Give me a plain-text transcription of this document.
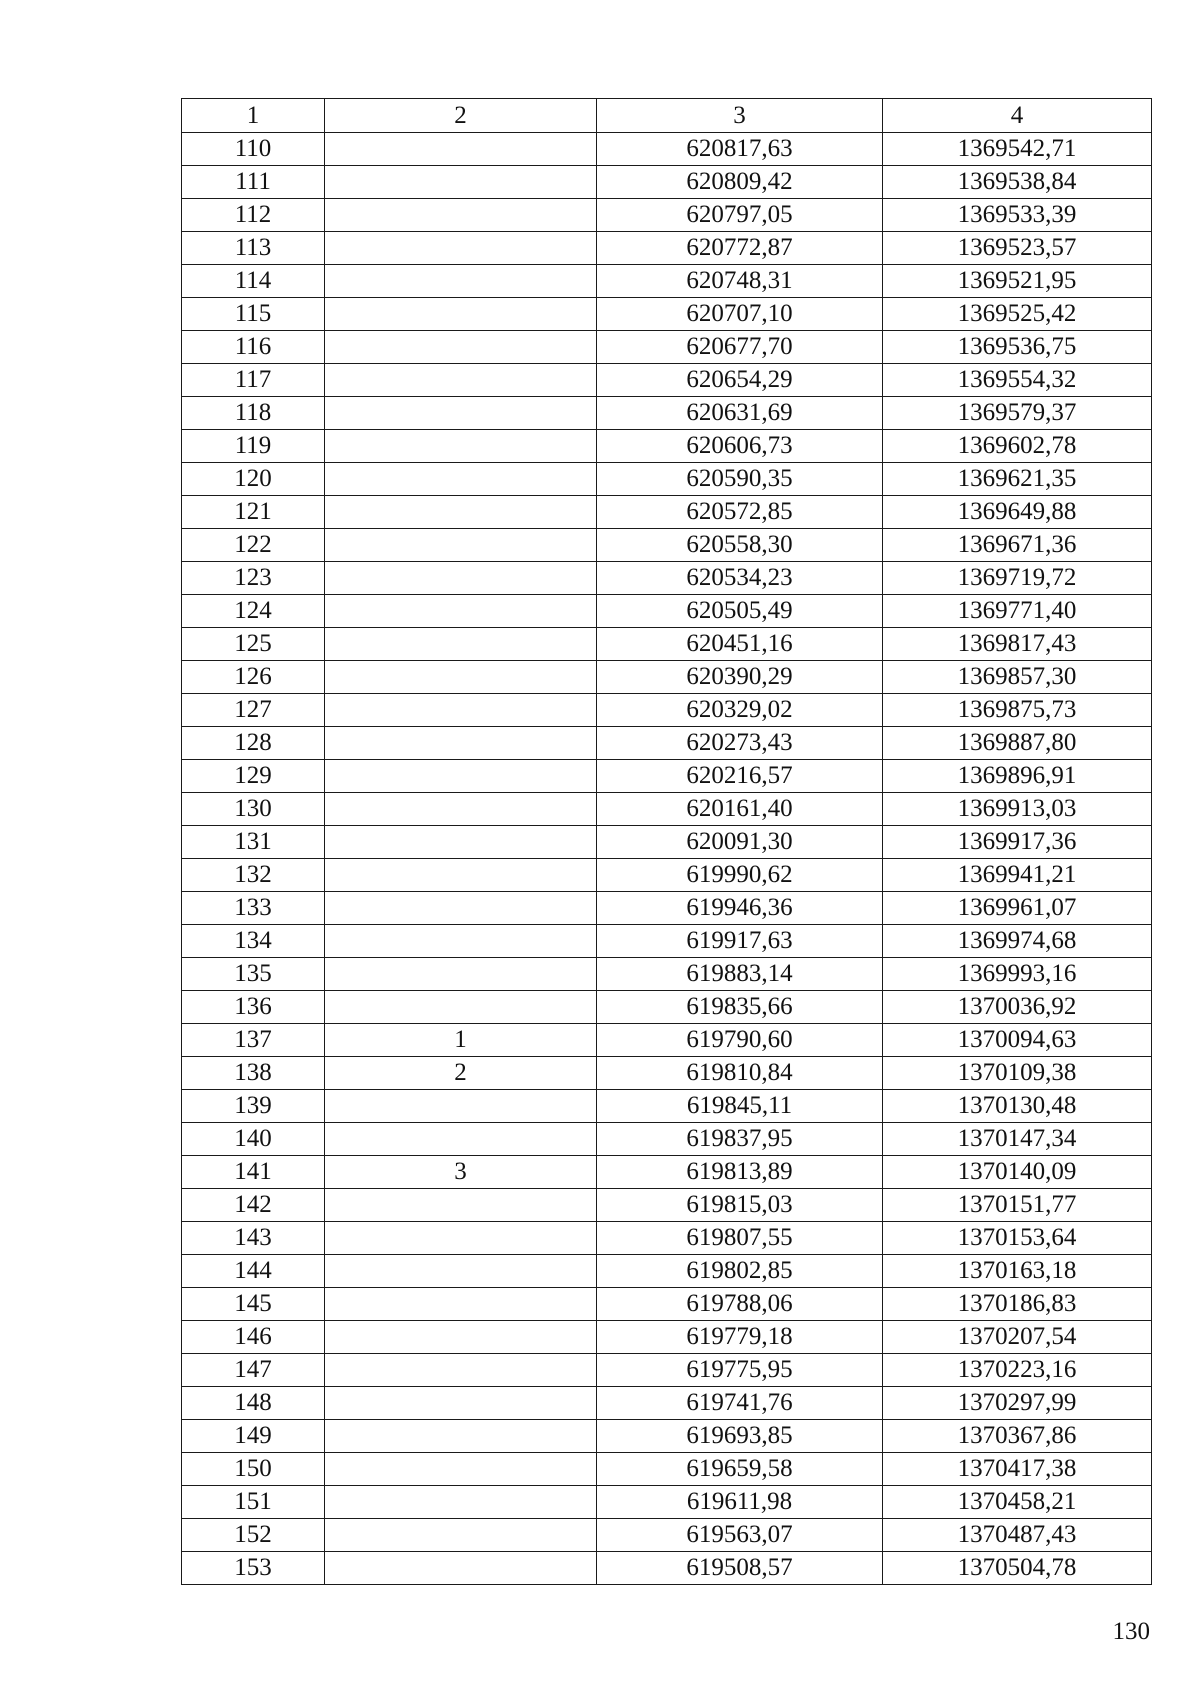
1	2	3	4
110		620817,63	1369542,71
111		620809,42	1369538,84
112		620797,05	1369533,39
113		620772,87	1369523,57
114		620748,31	1369521,95
115		620707,10	1369525,42
116		620677,70	1369536,75
117		620654,29	1369554,32
118		620631,69	1369579,37
119		620606,73	1369602,78
120		620590,35	1369621,35
121		620572,85	1369649,88
122		620558,30	1369671,36
123		620534,23	1369719,72
124		620505,49	1369771,40
125		620451,16	1369817,43
126		620390,29	1369857,30
127		620329,02	1369875,73
128		620273,43	1369887,80
129		620216,57	1369896,91
130		620161,40	1369913,03
131		620091,30	1369917,36
132		619990,62	1369941,21
133		619946,36	1369961,07
134		619917,63	1369974,68
135		619883,14	1369993,16
136		619835,66	1370036,92
137	1	619790,60	1370094,63
138	2	619810,84	1370109,38
139		619845,11	1370130,48
140		619837,95	1370147,34
141	3	619813,89	1370140,09
142		619815,03	1370151,77
143		619807,55	1370153,64
144		619802,85	1370163,18
145		619788,06	1370186,83
146		619779,18	1370207,54
147		619775,95	1370223,16
148		619741,76	1370297,99
149		619693,85	1370367,86
150		619659,58	1370417,38
151		619611,98	1370458,21
152		619563,07	1370487,43
153		619508,57	1370504,78
130
